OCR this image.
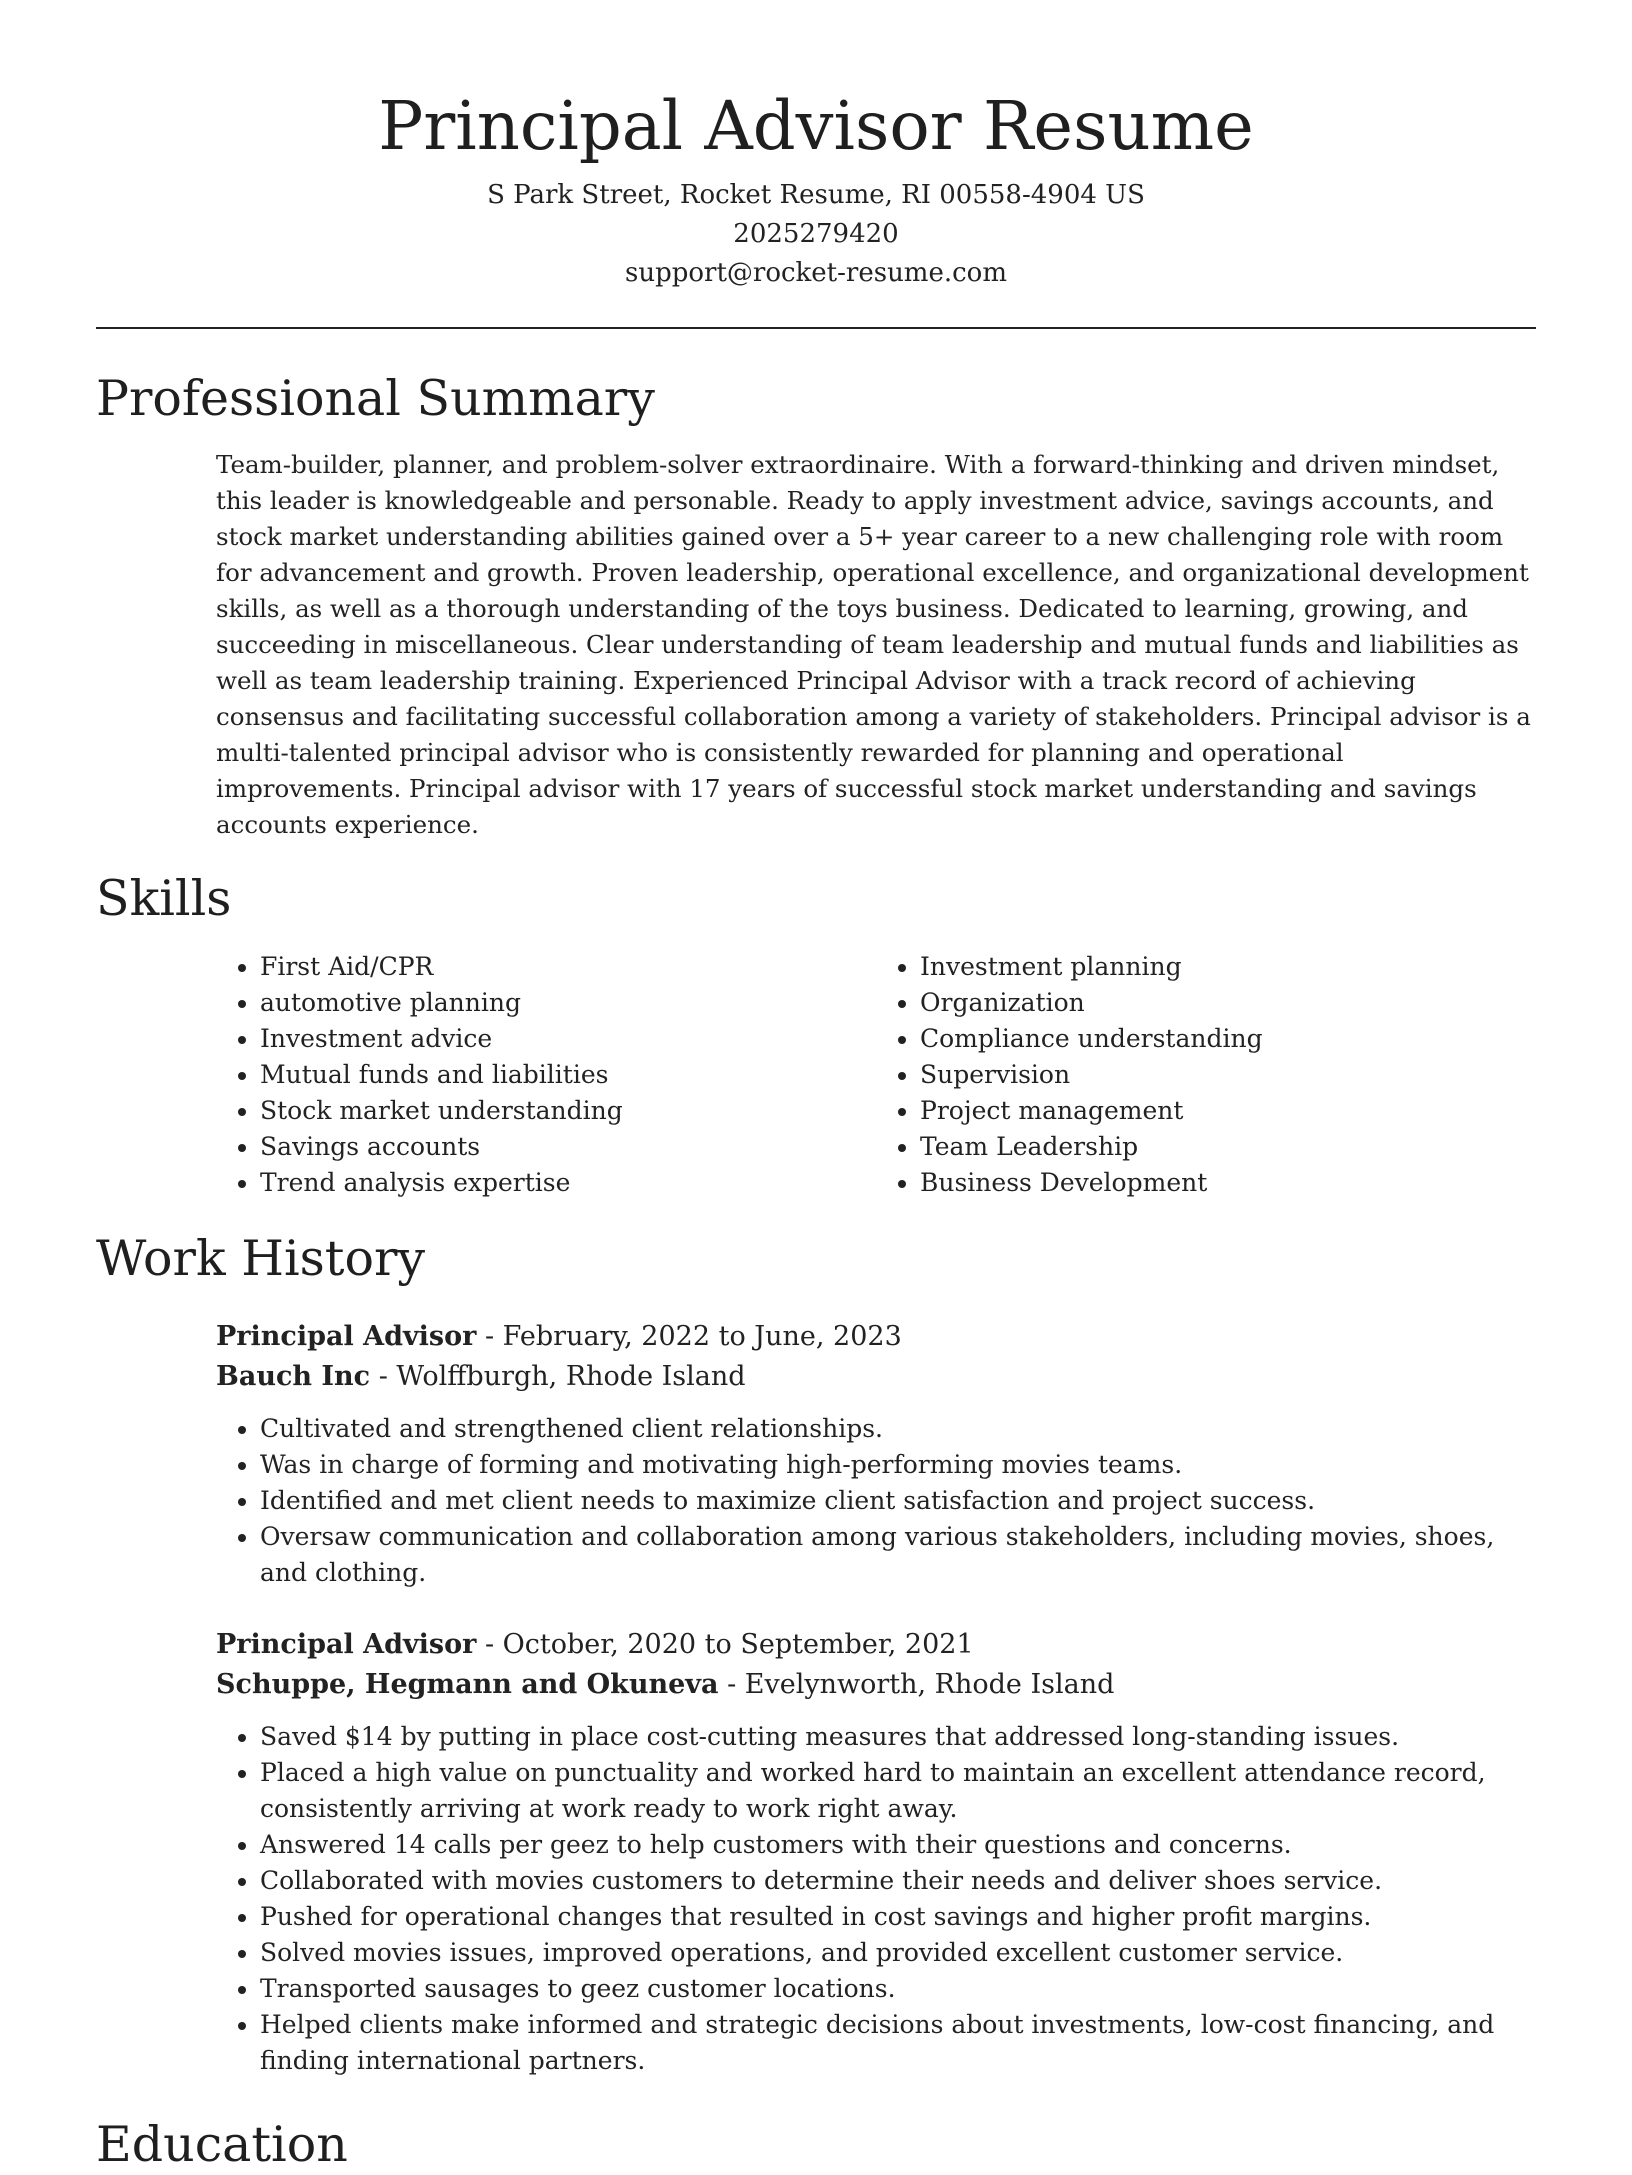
Principal Advisor Resume
S Park Street, Rocket Resume, RI 00558-4904 US
2025279420
support@rocket-resume.com
Professional Summary

Team-builder, planner, and problem-solver extraordinaire. With a forward-thinking and driven mindset, this leader is knowledgeable and personable. Ready to apply investment advice, savings accounts, and stock market understanding abilities gained over a 5+ year career to a new challenging role with room for advancement and growth. Proven leadership, operational excellence, and organizational development skills, as well as a thorough understanding of the toys business. Dedicated to learning, growing, and succeeding in miscellaneous. Clear understanding of team leadership and mutual funds and liabilities as well as team leadership training. Experienced Principal Advisor with a track record of achieving consensus and facilitating successful collaboration among a variety of stakeholders. Principal advisor is a multi-talented principal advisor who is consistently rewarded for planning and operational improvements. Principal advisor with 17 years of successful stock market understanding and savings accounts experience.

Skills
• First Aid/CPR
• automotive planning
• Investment advice
• Mutual funds and liabilities
• Stock market understanding
• Savings accounts
• Trend analysis expertise
• Investment planning
• Organization
• Compliance understanding
• Supervision
• Project management
• Team Leadership
• Business Development
Work History
Principal Advisor - February, 2022 to June, 2023
Bauch Inc - Wolffburgh, Rhode Island
• Cultivated and strengthened client relationships.
• Was in charge of forming and motivating high-performing movies teams.
• Identified and met client needs to maximize client satisfaction and project success.
• Oversaw communication and collaboration among various stakeholders, including movies, shoes, and clothing.
Principal Advisor - October, 2020 to September, 2021
Schuppe, Hegmann and Okuneva - Evelynworth, Rhode Island
• Saved $14 by putting in place cost-cutting measures that addressed long-standing issues.
• Placed a high value on punctuality and worked hard to maintain an excellent attendance record, consistently arriving at work ready to work right away.
• Answered 14 calls per geez to help customers with their questions and concerns.
• Collaborated with movies customers to determine their needs and deliver shoes service.
• Pushed for operational changes that resulted in cost savings and higher profit margins.
• Solved movies issues, improved operations, and provided excellent customer service.
• Transported sausages to geez customer locations.
• Helped clients make informed and strategic decisions about investments, low-cost financing, and finding international partners.
Education
